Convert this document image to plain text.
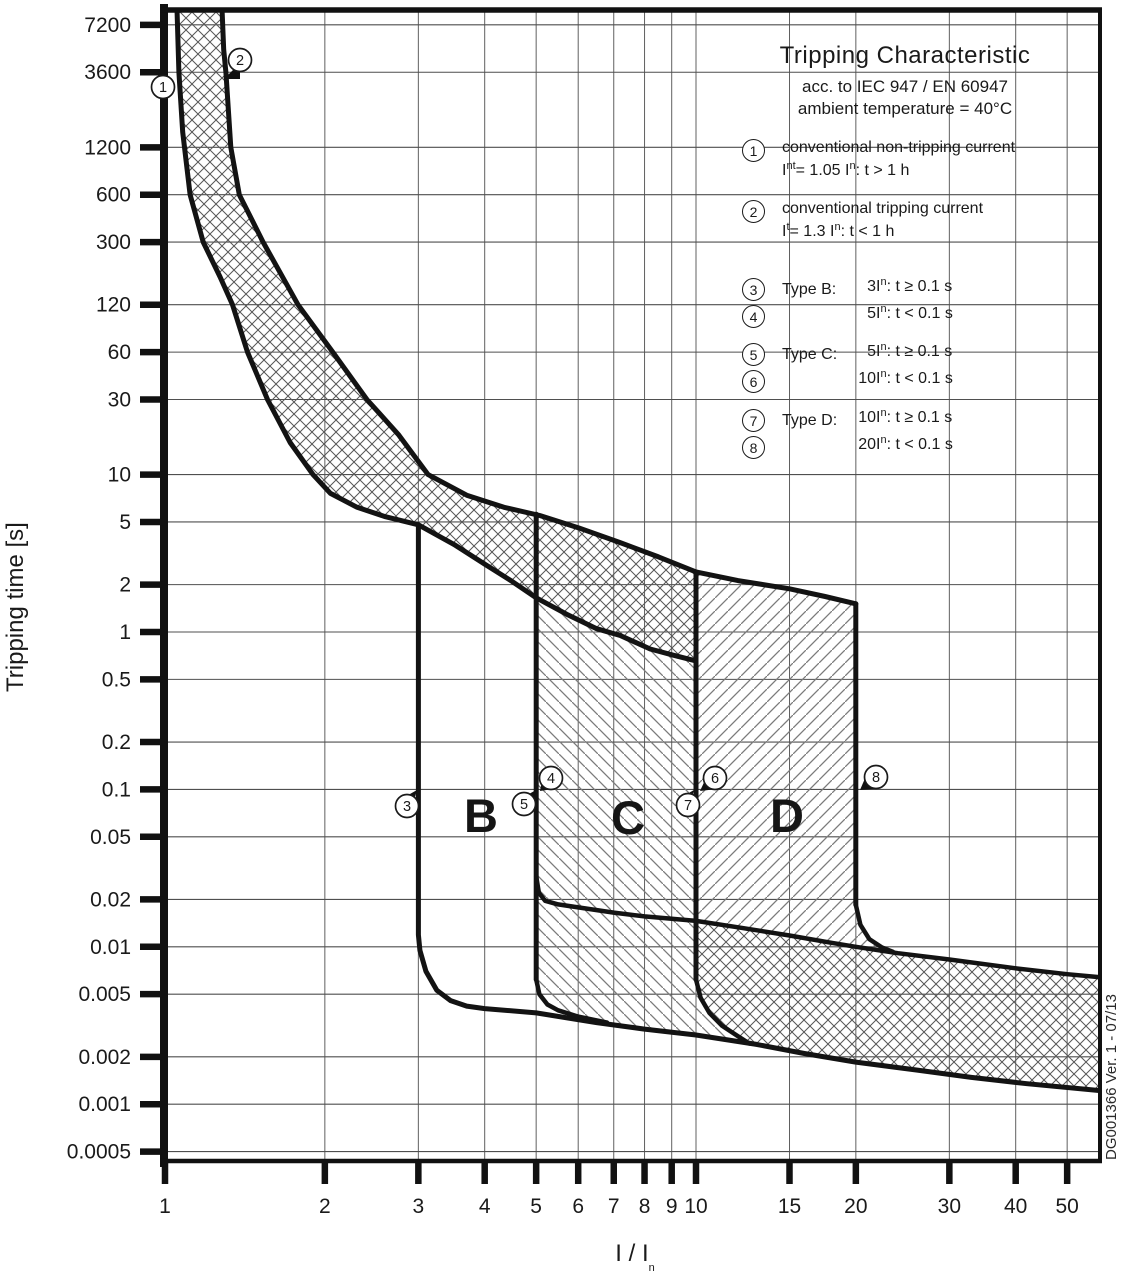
7200
3600
1200
600
300
120
60
30
10
5
2
1
0.5
0.2
0.1
0.05
0.02
0.01
0.005
0.002
0.001
0.0005
1	2	3	4 5 6 7 8 9 10	15 20	30 40 50
B C	D
1
2
3
4
5
6
7
8
Tripping Characteristic
acc. to IEC 947 / EN 60947
ambient temperature = 40°C
1	conventional non-tripping current
$I_{nt} = 1.05$ $I_n$ : t > 1 h
2	conventional tripping current
$I_t = 1.3$ $I_n$ : t < 1 h
3
4
Type B:	3 $I_n$ : t ≥ 0.1 s
5 $I_n$ : t < 0.1 s
5
6
Type C:	5 $I_n$ : t ≥ 0.1 s
10 $I_n$ : t < 0.1 s
7
8
Type D:	10 $I_n$ : t ≥ 0.1 s
20 $I_n$ : t < 0.1 s
Tripping time [s]
I / $I_n$
DG001366 Ver. 1 - 07/13
